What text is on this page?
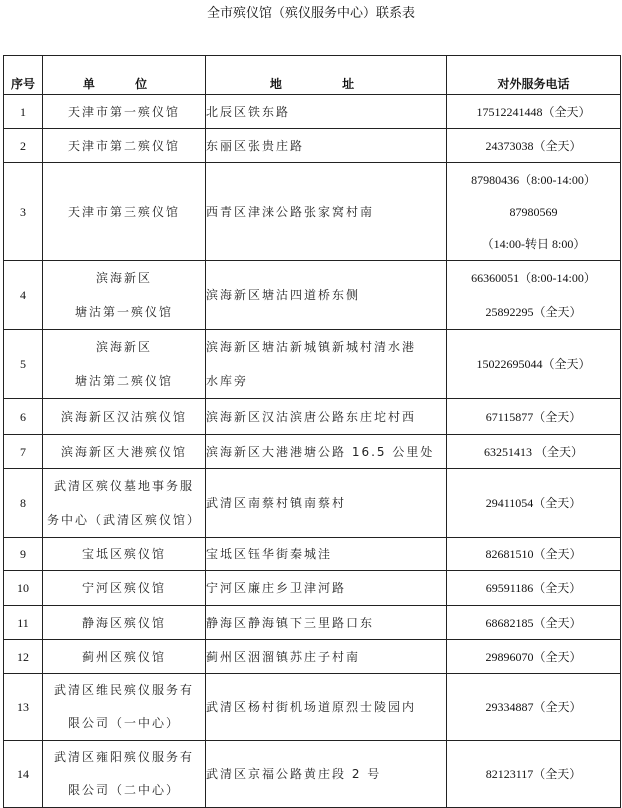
全市殡仪馆（殡仪服务中心）联系表
序号	单 位	地 址	对外服务电话
1	天津市第一殡仪馆	北辰区铁东路	17512241448（全天）

2	天津市第二殡仪馆	东丽区张贵庄路	24373038（全天）

3	天津市第三殡仪馆	西青区津涞公路张家窝村南	87980436（8:00-14:00）
87980569
（14:00-转日 8:00）

4	滨海新区
塘沽第一殡仪馆	滨海新区塘沽四道桥东侧	66360051（8:00-14:00）
25892295（全天）

5	滨海新区
塘沽第二殡仪馆	滨海新区塘沽新城镇新城村清水港
水库旁	15022695044（全天）

6	滨海新区汉沽殡仪馆	滨海新区汉沽滨唐公路东庄坨村西	67115877（全天）

7	滨海新区大港殡仪馆	滨海新区大港港塘公路 16.5 公里处	63251413 （全天）

8	武清区殡仪墓地事务服
务中心（武清区殡仪馆）	武清区南蔡村镇南蔡村	29411054（全天）

9	宝坻区殡仪馆	宝坻区钰华街秦城洼	82681510（全天）

10	宁河区殡仪馆	宁河区廉庄乡卫津河路	69591186（全天）

11	静海区殡仪馆	静海区静海镇下三里路口东	68682185（全天）

12	蓟州区殡仪馆	蓟州区洇溜镇苏庄子村南	29896070（全天）

13	武清区维民殡仪服务有
限公司（一中心）	武清区杨村街机场道原烈士陵园内	29334887（全天）

14	武清区雍阳殡仪服务有
限公司（二中心）	武清区京福公路黄庄段 2 号	82123117（全天）
